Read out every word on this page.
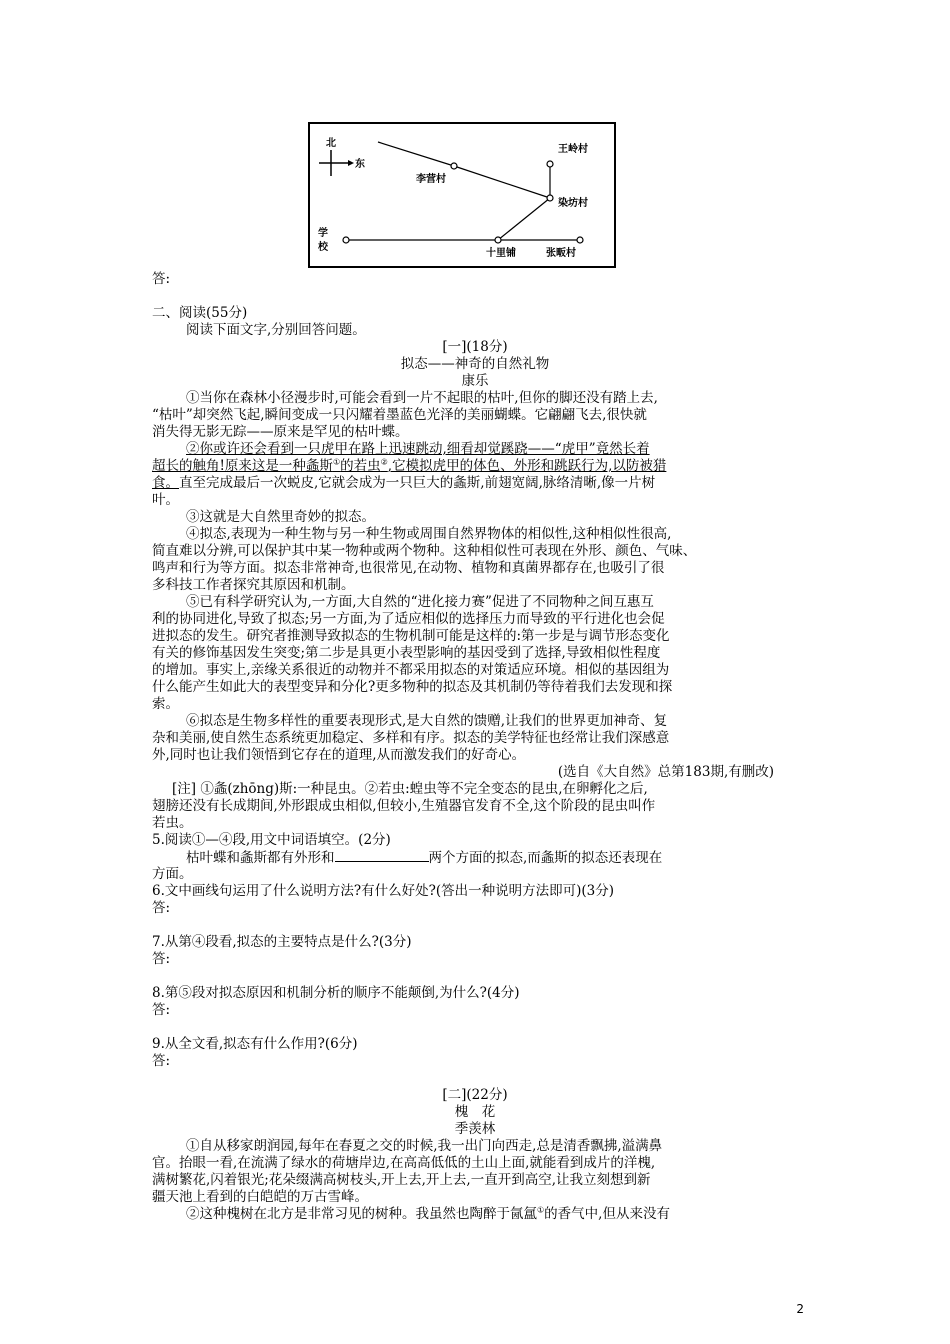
北
东
王岭村
李营村
染坊村
十里铺	张畈村
学
校
答:
二、阅读(55分)
阅读下面文字,分别回答问题。
[一](18分)
拟态——神奇的自然礼物
康乐
①当你在森林小径漫步时,可能会看到一片不起眼的枯叶,但你的脚还没有踏上去,
“枯叶”却突然飞起,瞬间变成一只闪耀着墨蓝色光泽的美丽蝴蝶。它翩翩飞去,很快就
消失得无影无踪——原来是罕见的枯叶蝶。
②你或许还会看到一只虎甲在路上迅速跳动,细看却觉蹊跷——“虎甲”竟然长着
超长的触角!原来这是一种螽斯①的若虫②,它模拟虎甲的体色、外形和跳跃行为,以防被猎
食。直至完成最后一次蜕皮,它就会成为一只巨大的螽斯,前翅宽阔,脉络清晰,像一片树
叶。
③这就是大自然里奇妙的拟态。
④拟态,表现为一种生物与另一种生物或周围自然界物体的相似性,这种相似性很高,
简直难以分辨,可以保护其中某一物种或两个物种。这种相似性可表现在外形、颜色、气味、
鸣声和行为等方面。拟态非常神奇,也很常见,在动物、植物和真菌界都存在,也吸引了很
多科技工作者探究其原因和机制。
⑤已有科学研究认为,一方面,大自然的“进化接力赛”促进了不同物种之间互惠互
利的协同进化,导致了拟态;另一方面,为了适应相似的选择压力而导致的平行进化也会促
进拟态的发生。研究者推测导致拟态的生物机制可能是这样的:第一步是与调节形态变化
有关的修饰基因发生突变;第二步是具更小表型影响的基因受到了选择,导致相似性程度
的增加。事实上,亲缘关系很近的动物并不都采用拟态的对策适应环境。相似的基因组为
什么能产生如此大的表型变异和分化?更多物种的拟态及其机制仍等待着我们去发现和探
索。
⑥拟态是生物多样性的重要表现形式,是大自然的馈赠,让我们的世界更加神奇、复
杂和美丽,使自然生态系统更加稳定、多样和有序。拟态的美学特征也经常让我们深感意
外,同时也让我们领悟到它存在的道理,从而激发我们的好奇心。
(选自《大自然》总第183期,有删改)
[注] ①螽(zhōng)斯:一种昆虫。②若虫:蝗虫等不完全变态的昆虫,在卵孵化之后,
翅膀还没有长成期间,外形跟成虫相似,但较小,生殖器官发育不全,这个阶段的昆虫叫作
若虫。
5.阅读①—④段,用文中词语填空。(2分)
枯叶蝶和螽斯都有外形和	两个方面的拟态,而螽斯的拟态还表现在
方面。
6.文中画线句运用了什么说明方法?有什么好处?(答出一种说明方法即可)(3分)
答:
7.从第④段看,拟态的主要特点是什么?(3分)
答:
8.第⑤段对拟态原因和机制分析的顺序不能颠倒,为什么?(4分)
答:
9.从全文看,拟态有什么作用?(6分)
答:
[二](22分)
槐　花
季羡林
①自从移家朗润园,每年在春夏之交的时候,我一出门向西走,总是清香飘拂,溢满鼻
官。抬眼一看,在流满了绿水的荷塘岸边,在高高低低的土山上面,就能看到成片的洋槐,
满树繁花,闪着银光;花朵缀满高树枝头,开上去,开上去,一直开到高空,让我立刻想到新
疆天池上看到的白皑皑的万古雪峰。
②这种槐树在北方是非常习见的树种。我虽然也陶醉于氤氲①的香气中,但从来没有
2
